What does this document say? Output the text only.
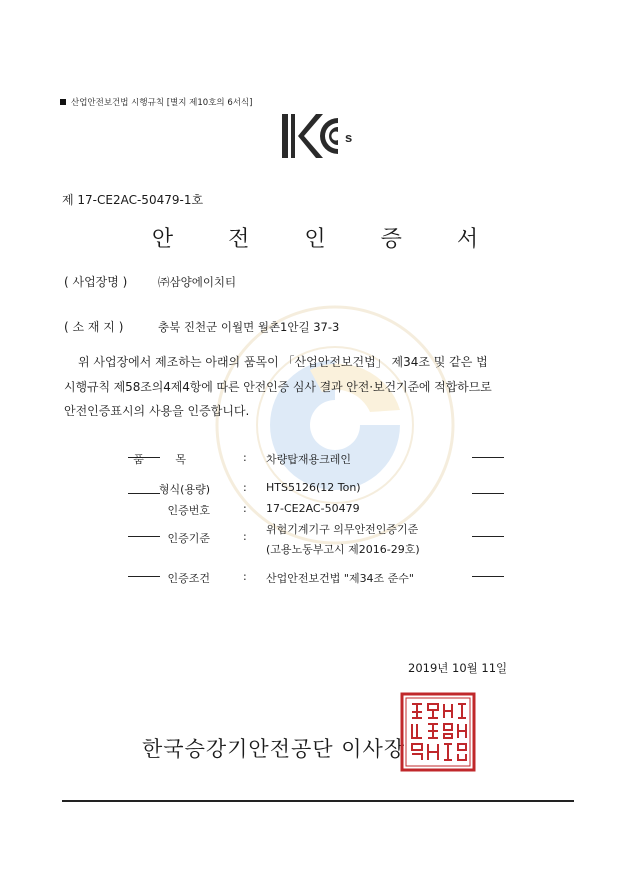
산업안전보건법 시행규칙 [별지 제10호의 6서식]
s
제 17-CE2AC-50479-1호
안 전 인 증 서
( 사업장명 )	㈜삼양에이치티
( 소 재 지 )	충북 진천군 이월면 월촌1안길 37-3
위 사업장에서 제조하는 아래의 품목이 「산업안전보건법」 제34조 및 같은 법
시행규칙 제58조의4제4항에 따른 안전인증 심사 결과 안전·보건기준에 적합하므로
안전인증표시의 사용을 인증합니다.
품 목	: 차량탑재용크레인
형식(용량)	: HTS5126(12 Ton)
인증번호	: 17-CE2AC-50479
인증기준	:
위험기계기구 의무안전인증기준
(고용노동부고시 제2016-29호)
인증조건	: 산업안전보건법 "제34조 준수"
2019년 10월 11일
한국승강기안전공단 이사장
